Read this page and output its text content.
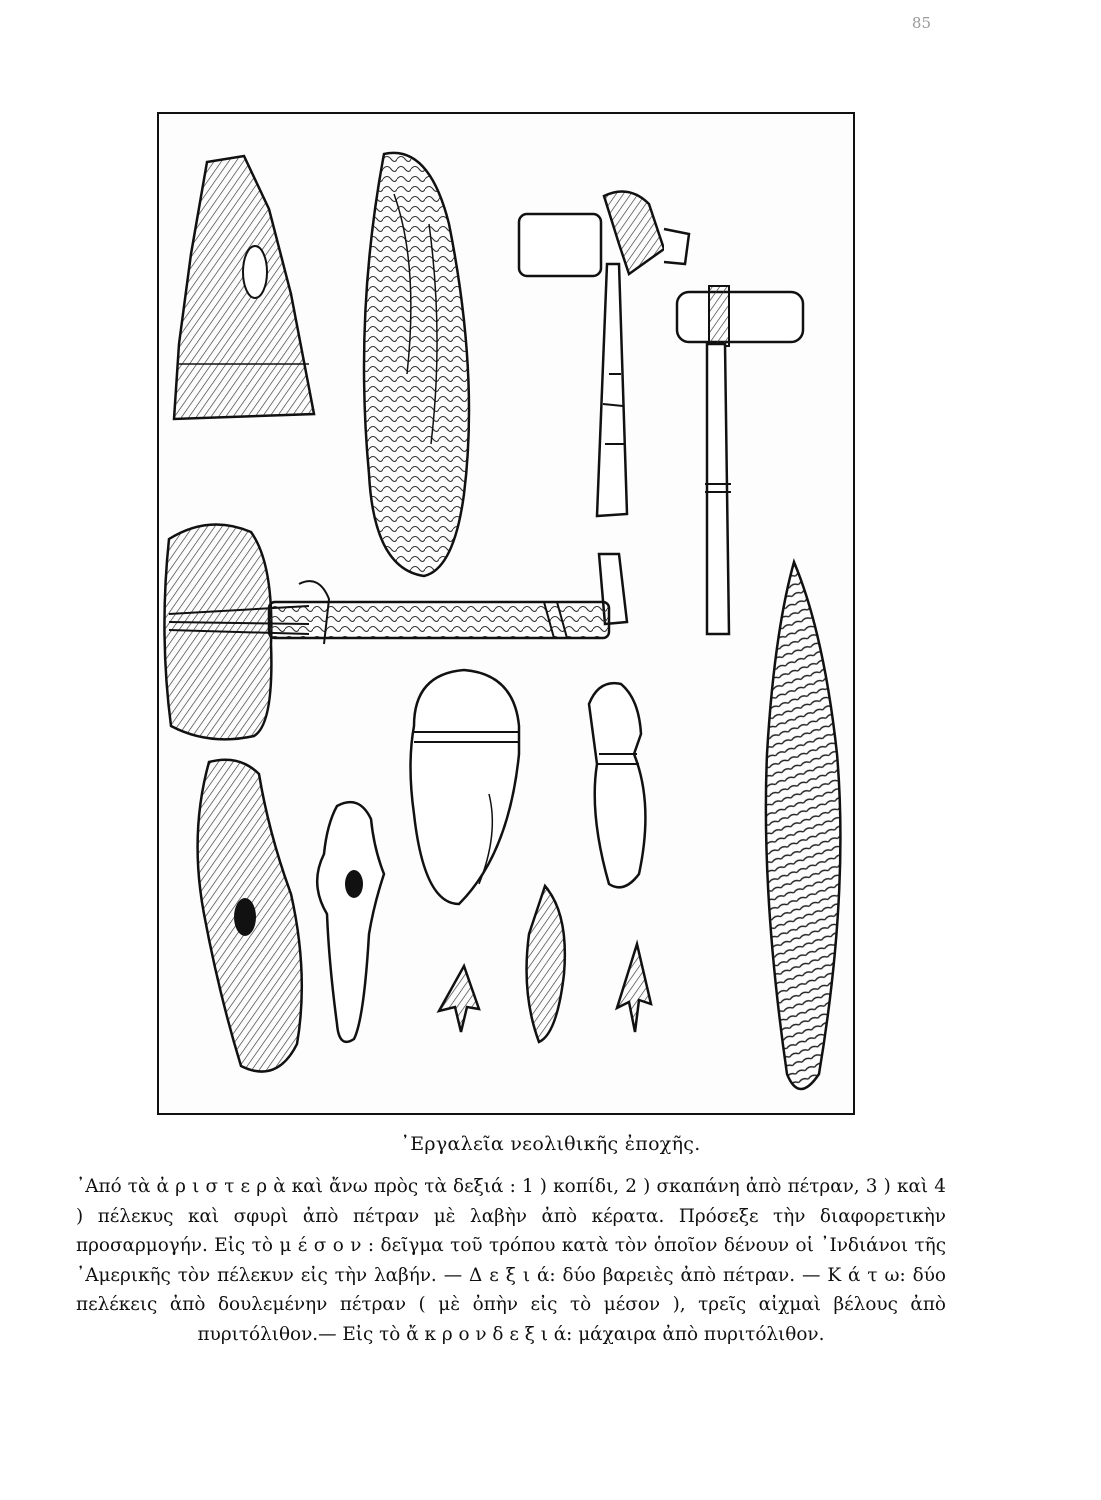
85
᾿Εργαλεῖα νεολιθικῆς ἐποχῆς.

᾿Από τὰ ἀ ρ ι σ τ ε ρ ὰ καὶ ἄνω πρὸς τὰ δεξιά : 1 ) κοπίδι, 2 ) σκαπάνη ἀπὸ πέτραν, 3 ) καὶ 4 ) πέλεκυς καὶ σφυρὶ ἀπὸ πέτραν μὲ λαβὴν ἀπὸ κέρατα. Πρόσεξε τὴν διαφορετικὴν προσαρμογήν. Εἰς τὸ μ έ σ ο ν : δεῖγμα τοῦ τρόπου κατὰ τὸν ὁποῖον δένουν οἱ ᾿Ινδιάνοι τῆς ᾿Αμερικῆς τὸν πέλεκυν εἰς τὴν λαβήν. — Δ ε ξ ι ά: δύο βαρειὲς ἀπὸ πέτραν. — Κ ά τ ω: δύο πελέκεις ἀπὸ δουλεμένην πέτραν ( μὲ ὀπὴν εἰς τὸ μέσον ), τρεῖς αἰχμαὶ βέλους ἀπὸ πυριτόλιθον.— Εἰς τὸ ἄ κ ρ ο ν δ ε ξ ι ά: μάχαιρα ἀπὸ πυριτόλιθον.
